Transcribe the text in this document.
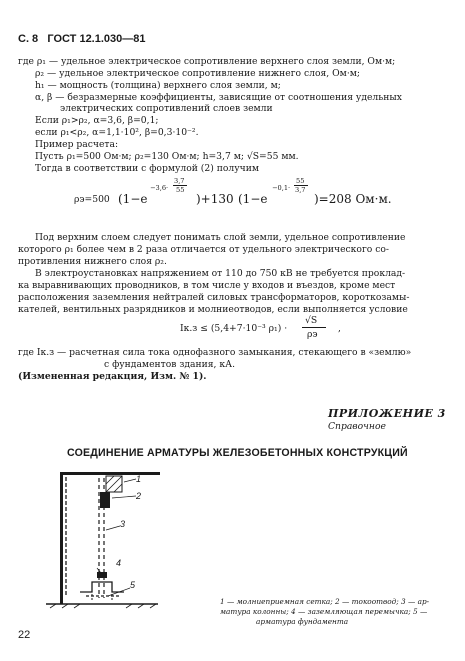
С. 8 ГОСТ 12.1.030—81
где ρ₁ — удельное электрическое сопротивление верхнего слоя земли, Ом·м;
ρ₂ — удельное электрическое сопротивление нижнего слоя, Ом·м;
h₁ — мощность (толщина) верхнего слоя земли, м;
α, β — безразмерные коэффициенты, зависящие от соотношения удельных
электрических сопротивлений слоев земли
Если ρ₁>ρ₂, α=3,6, β=0,1;
если ρ₁<ρ₂, α=1,1·10², β=0,3·10⁻².
Пример расчета:
Пусть ρ₁=500 Ом·м; ρ₂=130 Ом·м; h=3,7 м; √S=55 мм.
Тогда в соответствии с формулой (2) получим
ρэ=500 (1−e
−3,6·
3,7
55
)+130 (1−e
−0,1·
55
3,7
)=208 Ом·м.
Под верхним слоем следует понимать слой земли, удельное сопротивление
которого ρ₁ более чем в 2 раза отличается от удельного электрического со-
противления нижнего слоя ρ₂.
В электроустановках напряжением от 110 до 750 кВ не требуется проклад-
ка выравнивающих проводников, в том числе у входов и въездов, кроме мест
расположения заземления нейтралей силовых трансформаторов, короткозамы-
кателей, вентильных разрядников и молниеотводов, если выполняется условие
Iк.з ≤ (5,4+7·10⁻³ ρ₁) ·
√S
ρэ
,
где Iк.з — расчетная сила тока однофазного замыкания, стекающего в «землю»
с фундаментов здания, кА.
(Измененная редакция, Изм. № 1).
ПРИЛОЖЕНИЕ 3
Справочное
СОЕДИНЕНИЕ АРМАТУРЫ ЖЕЛЕЗОБЕТОННЫХ КОНСТРУКЦИЙ
1
2
3
4
5
1 — молниеприемная сетка; 2 — токоотвод; 3 — ар-
матура колонны; 4 — заземляющая перемычка; 5 —
арматура фундамента
22
